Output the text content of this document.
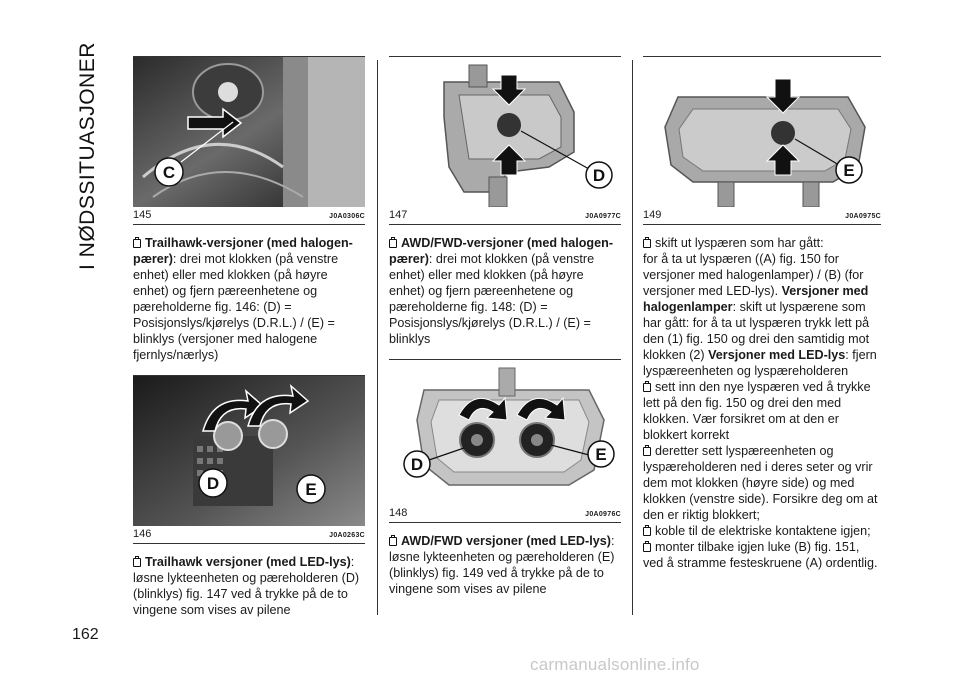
I NØDSSITUASJONER
162
C
145	J0A0306C

Trailhawk-versjoner (med halogen-pærer): drei mot klokken (på venstre enhet) eller med klokken (på høyre enhet) og fjern pæreenhetene og pæreholderne fig. 146: (D) = Posisjonslys/kjørelys (D.R.L.) / (E) = blinklys (versjoner med halogene fjernlys/nærlys)

D	E
146	J0A0263C

Trailhawk versjoner (med LED-lys): løsne lykteenheten og pæreholderen (D) (blinklys) fig. 147 ved å trykke på de to vingene som vises av pilene

D
147	J0A0977C

AWD/FWD-versjoner (med halogen-pærer): drei mot klokken (på venstre enhet) eller med klokken (på høyre enhet) og fjern pæreenhetene og pæreholderne fig. 148: (D) = Posisjonslys/kjørelys (D.R.L.) / (E) = blinklys

D
E
148	J0A0976C

AWD/FWD versjoner (med LED-lys): løsne lykteenheten og pæreholderen (E) (blinklys) fig. 149 ved å trykke på de to vingene som vises av pilene

E
149	J0A0975C

skift ut lyspæren som har gått:
for å ta ut lyspæren ((A) fig. 150 for versjoner med halogenlamper) / (B) (for versjoner med LED-lys). Versjoner med halogenlamper: skift ut lyspærene som har gått: for å ta ut lyspæren trykk lett på den (1) fig. 150 og drei den samtidig mot klokken (2) Versjoner med LED-lys: fjern lyspæreenheten og lyspæreholderen
sett inn den nye lyspæren ved å trykke lett på den fig. 150 og drei den med klokken. Vær forsikret om at den er blokkert korrekt
deretter sett lyspæreenheten og lyspæreholderen ned i deres seter og vrir dem mot klokken (høyre side) og med klokken (venstre side). Forsikre deg om at den er riktig blokkert;
koble til de elektriske kontaktene igjen;
monter tilbake igjen luke (B) fig. 151, ved å stramme festeskruene (A) ordentlig.

carmanualsonline.info
